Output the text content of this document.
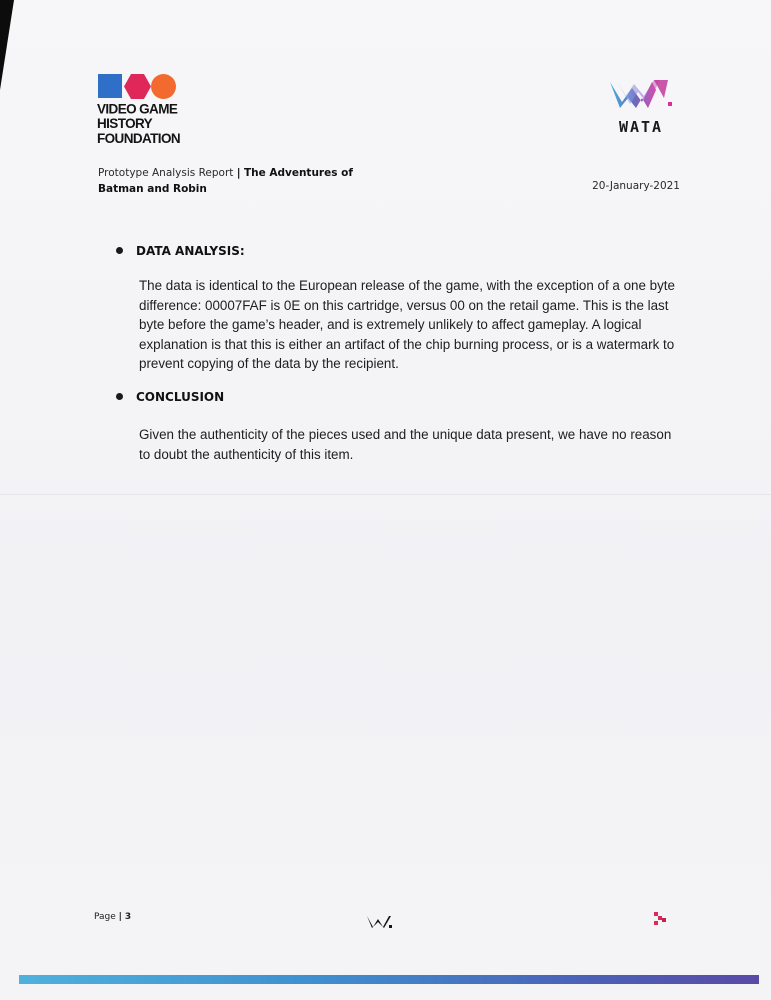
VIDEO GAME
HISTORY
FOUNDATION
WATA
Prototype Analysis Report | The Adventures of Batman and Robin	20-January-2021
DATA ANALYSIS:
The data is identical to the European release of the game, with the exception of a one byte difference: 00007FAF is 0E on this cartridge, versus 00 on the retail game. This is the last byte before the game’s header, and is extremely unlikely to affect gameplay. A logical explanation is that this is either an artifact of the chip burning process, or is a watermark to prevent copying of the data by the recipient.
CONCLUSION
Given the authenticity of the pieces used and the unique data present, we have no reason to doubt the authenticity of this item.
Page | 3
